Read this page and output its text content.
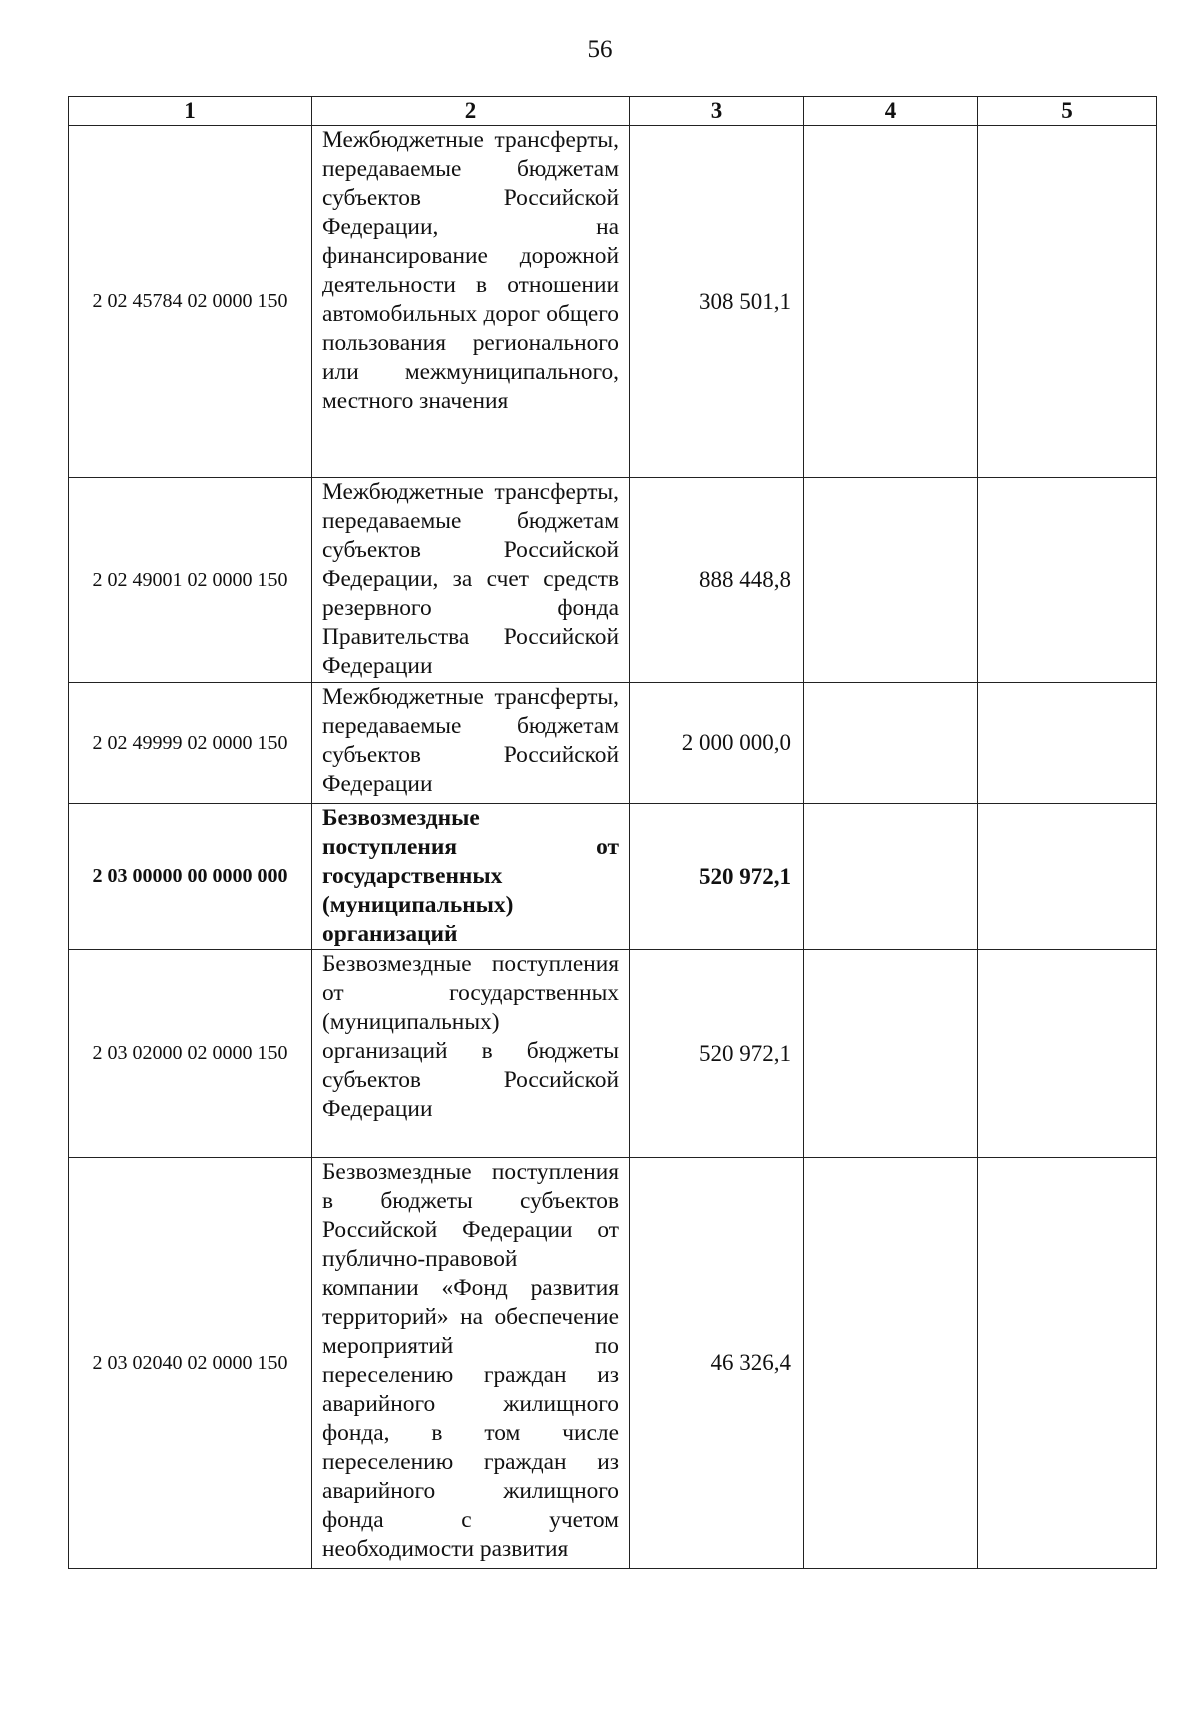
56
1	2	3	4	5
2 02 45784 02 0000 150	Межбюджетные трансферты, передаваемые бюджетам субъектов Российской Федерации, на финансирование дорожной деятельности в отношении автомобильных дорог общего пользования регионального или межмуниципального, местного значения	308 501,1		
2 02 49001 02 0000 150	Межбюджетные трансферты, передаваемые бюджетам субъектов Российской Федерации, за счет средств резервного фонда Правительства Российской Федерации	888 448,8		
2 02 49999 02 0000 150	Межбюджетные трансферты, передаваемые бюджетам субъектов Российской Федерации	2 000 000,0		
2 03 00000 00 0000 000	Безвозмездные поступления от государственных (муниципальных) организаций	520 972,1		
2 03 02000 02 0000 150	Безвозмездные поступления от государственных (муниципальных) организаций в бюджеты субъектов Российской Федерации	520 972,1		
2 03 02040 02 0000 150	Безвозмездные поступления в бюджеты субъектов Российской Федерации от публично-правовой компании «Фонд развития территорий» на обеспечение мероприятий по переселению граждан из аварийного жилищного фонда, в том числе переселению граждан из аварийного жилищного фонда с учетом необходимости развития	46 326,4		
